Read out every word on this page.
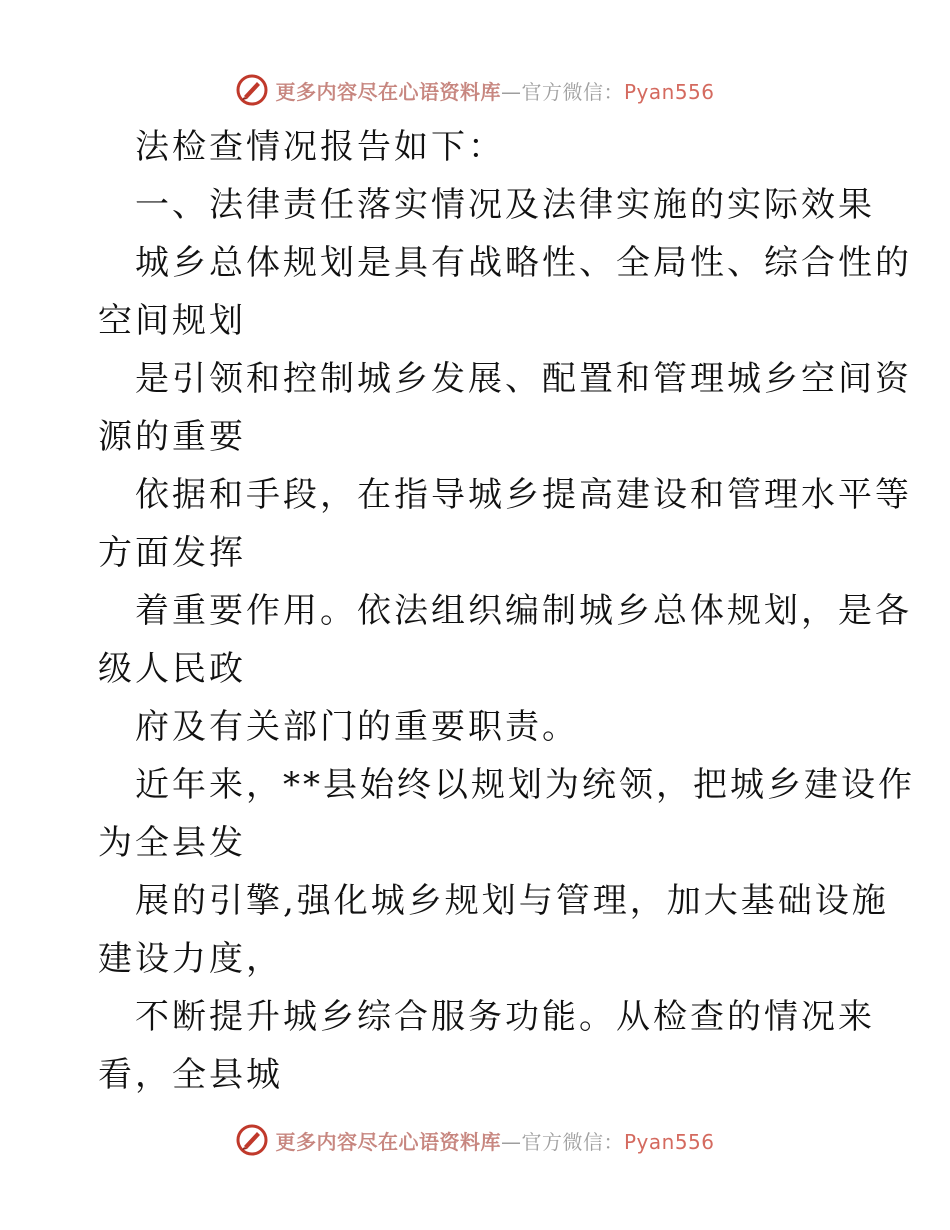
更多内容尽在心语资料库—官方微信：Pyan556
法检查情况报告如下：
一、法律责任落实情况及法律实施的实际效果
城乡总体规划是具有战略性、全局性、综合性的
空间规划
是引领和控制城乡发展、配置和管理城乡空间资
源的重要
依据和手段，在指导城乡提高建设和管理水平等
方面发挥
着重要作用。依法组织编制城乡总体规划，是各
级人民政
府及有关部门的重要职责。
近年来，**县始终以规划为统领，把城乡建设作
为全县发
展的引擎,强化城乡规划与管理，加大基础设施
建设力度，
不断提升城乡综合服务功能。从检查的情况来
看，全县城
更多内容尽在心语资料库—官方微信：Pyan556
